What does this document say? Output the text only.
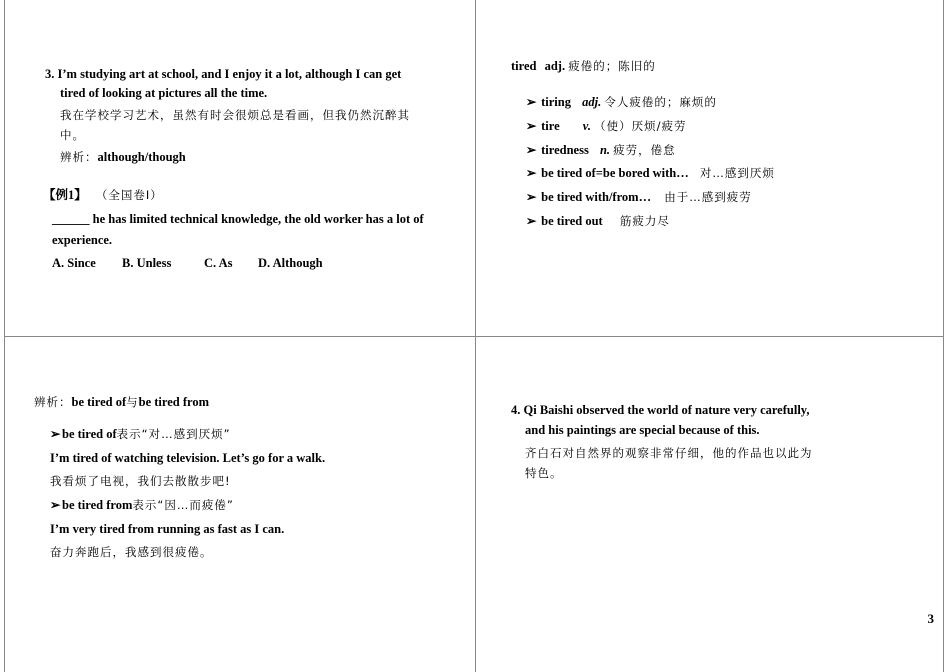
3. I’m studying art at school, and I enjoy it a lot, although I can get
tired of looking at pictures all the time.
我在学校学习艺术，虽然有时会很烦总是看画，但我仍然沉醉其
中。
辨析：although/though
【例1】 （全国卷Ⅰ）
______ he has limited technical knowledge, the old worker has a lot of
experience.
A. Since B. Unless	C. As D. Although
tired adj. 疲倦的；陈旧的
➢ tiring adj. 令人疲倦的；麻烦的
➢ tire v. （使）厌烦/疲劳
➢ tiredness n. 疲劳，倦怠
➢ be tired of=be bored with… 对…感到厌烦
➢ be tired with/from… 由于…感到疲劳
➢ be tired out 筋疲力尽
辨析：be tired of与be tired from
➢ be tired of表示“对…感到厌烦”
I’m tired of watching television. Let’s go for a walk.
我看烦了电视，我们去散散步吧!
➢ be tired from表示“因…而疲倦”
I’m very tired from running as fast as I can.
奋力奔跑后，我感到很疲倦。
4. Qi Baishi observed the world of nature very carefully,
and his paintings are special because of this.
齐白石对自然界的观察非常仔细，他的作品也以此为
特色。
3
